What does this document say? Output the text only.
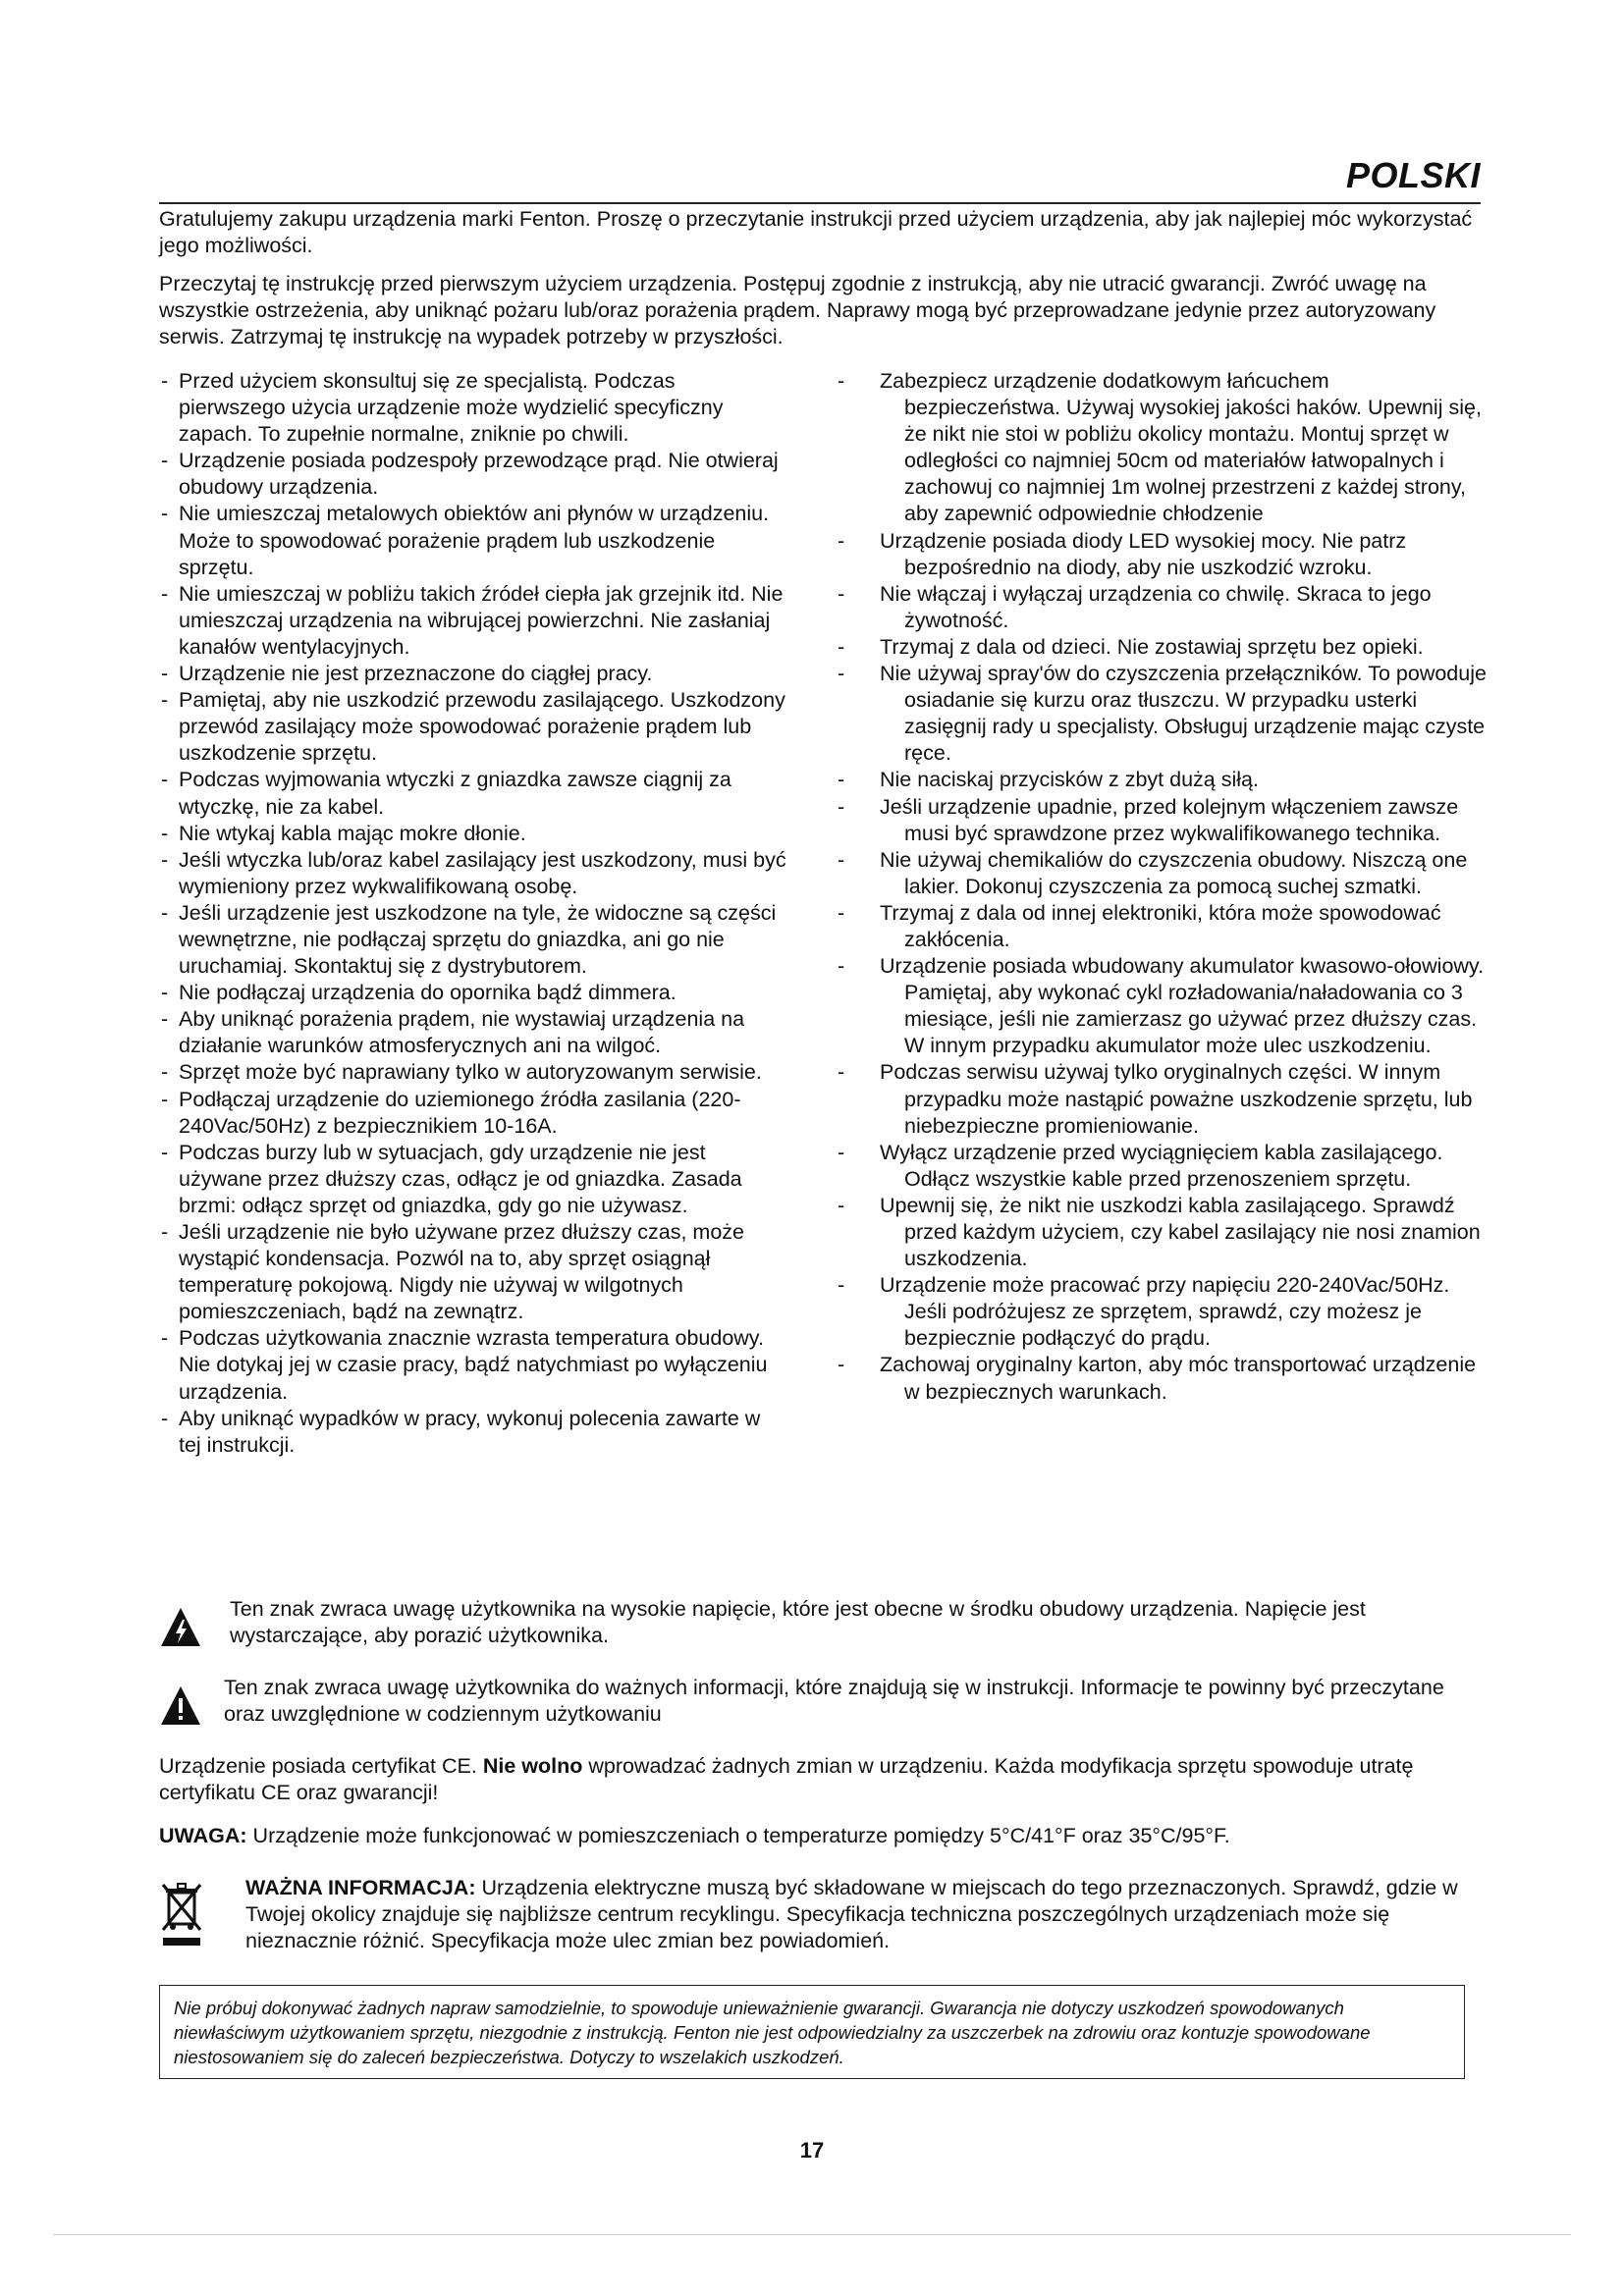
POLSKI
Gratulujemy zakupu urządzenia marki Fenton. Proszę o przeczytanie instrukcji przed użyciem urządzenia, aby jak najlepiej móc wykorzystać jego możliwości.
Przeczytaj tę instrukcję przed pierwszym użyciem urządzenia. Postępuj zgodnie z instrukcją, aby nie utracić gwarancji. Zwróć uwagę na wszystkie ostrzeżenia, aby uniknąć pożaru lub/oraz porażenia prądem. Naprawy mogą być przeprowadzane jedynie przez autoryzowany serwis. Zatrzymaj tę instrukcję na wypadek potrzeby w przyszłości.
- Przed użyciem skonsultuj się ze specjalistą. Podczas pierwszego użycia urządzenie może wydzielić specyficzny zapach. To zupełnie normalne, zniknie po chwili.
- Urządzenie posiada podzespoły przewodzące prąd. Nie otwieraj obudowy urządzenia.
- Nie umieszczaj metalowych obiektów ani płynów w urządzeniu. Może to spowodować porażenie prądem lub uszkodzenie sprzętu.
- Nie umieszczaj w pobliżu takich źródeł ciepła jak grzejnik itd. Nie umieszczaj urządzenia na wibrującej powierzchni. Nie zasłaniaj kanałów wentylacyjnych.
- Urządzenie nie jest przeznaczone do ciągłej pracy.
- Pamiętaj, aby nie uszkodzić przewodu zasilającego. Uszkodzony przewód zasilający może spowodować porażenie prądem lub uszkodzenie sprzętu.
- Podczas wyjmowania wtyczki z gniazdka zawsze ciągnij za wtyczkę, nie za kabel.
- Nie wtykaj kabla mając mokre dłonie.
- Jeśli wtyczka lub/oraz kabel zasilający jest uszkodzony, musi być wymieniony przez wykwalifikowaną osobę.
- Jeśli urządzenie jest uszkodzone na tyle, że widoczne są części wewnętrzne, nie podłączaj sprzętu do gniazdka, ani go nie uruchamiaj. Skontaktuj się z dystrybutorem.
- Nie podłączaj urządzenia do opornika bądź dimmera.
- Aby uniknąć porażenia prądem, nie wystawiaj urządzenia na działanie warunków atmosferycznych ani na wilgoć.
- Sprzęt może być naprawiany tylko w autoryzowanym serwisie.
- Podłączaj urządzenie do uziemionego źródła zasilania (220-240Vac/50Hz) z bezpiecznikiem 10-16A.
- Podczas burzy lub w sytuacjach, gdy urządzenie nie jest używane przez dłuższy czas, odłącz je od gniazdka. Zasada brzmi: odłącz sprzęt od gniazdka, gdy go nie używasz.
- Jeśli urządzenie nie było używane przez dłuższy czas, może wystąpić kondensacja. Pozwól na to, aby sprzęt osiągnął temperaturę pokojową. Nigdy nie używaj w wilgotnych pomieszczeniach, bądź na zewnątrz.
- Podczas użytkowania znacznie wzrasta temperatura obudowy. Nie dotykaj jej w czasie pracy, bądź natychmiast po wyłączeniu urządzenia.
- Aby uniknąć wypadków w pracy, wykonuj polecenia zawarte w tej instrukcji.
- Zabezpiecz urządzenie dodatkowym łańcuchem bezpieczeństwa. Używaj wysokiej jakości haków. Upewnij się, że nikt nie stoi w pobliżu okolicy montażu. Montuj sprzęt w odległości co najmniej 50cm od materiałów łatwopalnych i zachowuj co najmniej 1m wolnej przestrzeni z każdej strony, aby zapewnić odpowiednie chłodzenie
- Urządzenie posiada diody LED wysokiej mocy. Nie patrz bezpośrednio na diody, aby nie uszkodzić wzroku.
- Nie włączaj i wyłączaj urządzenia co chwilę. Skraca to jego żywotność.
- Trzymaj z dala od dzieci. Nie zostawiaj sprzętu bez opieki.
- Nie używaj spray'ów do czyszczenia przełączników. To powoduje osiadanie się kurzu oraz tłuszczu. W przypadku usterki zasięgnij rady u specjalisty. Obsługuj urządzenie mając czyste ręce.
- Nie naciskaj przycisków z zbyt dużą siłą.
- Jeśli urządzenie upadnie, przed kolejnym włączeniem zawsze musi być sprawdzone przez wykwalifikowanego technika.
- Nie używaj chemikaliów do czyszczenia obudowy. Niszczą one lakier. Dokonuj czyszczenia za pomocą suchej szmatki.
- Trzymaj z dala od innej elektroniki, która może spowodować zakłócenia.
- Urządzenie posiada wbudowany akumulator kwasowo-ołowiowy. Pamiętaj, aby wykonać cykl rozładowania/naładowania co 3 miesiące, jeśli nie zamierzasz go używać przez dłuższy czas. W innym przypadku akumulator może ulec uszkodzeniu.
- Podczas serwisu używaj tylko oryginalnych części. W innym przypadku może nastąpić poważne uszkodzenie sprzętu, lub niebezpieczne promieniowanie.
- Wyłącz urządzenie przed wyciągnięciem kabla zasilającego. Odłącz wszystkie kable przed przenoszeniem sprzętu.
- Upewnij się, że nikt nie uszkodzi kabla zasilającego. Sprawdź przed każdym użyciem, czy kabel zasilający nie nosi znamion uszkodzenia.
- Urządzenie może pracować przy napięciu 220-240Vac/50Hz. Jeśli podróżujesz ze sprzętem, sprawdź, czy możesz je bezpiecznie podłączyć do prądu.
- Zachowaj oryginalny karton, aby móc transportować urządzenie w bezpiecznych warunkach.
Ten znak zwraca uwagę użytkownika na wysokie napięcie, które jest obecne w środku obudowy urządzenia. Napięcie jest wystarczające, aby porazić użytkownika.
Ten znak zwraca uwagę użytkownika do ważnych informacji, które znajdują się w instrukcji. Informacje te powinny być przeczytane oraz uwzględnione w codziennym użytkowaniu
Urządzenie posiada certyfikat CE. Nie wolno wprowadzać żadnych zmian w urządzeniu. Każda modyfikacja sprzętu spowoduje utratę certyfikatu CE oraz gwarancji!
UWAGA: Urządzenie może funkcjonować w pomieszczeniach o temperaturze pomiędzy 5°C/41°F oraz 35°C/95°F.
WAŻNA INFORMACJA: Urządzenia elektryczne muszą być składowane w miejscach do tego przeznaczonych. Sprawdź, gdzie w Twojej okolicy znajduje się najbliższe centrum recyklingu. Specyfikacja techniczna poszczególnych urządzeniach może się nieznacznie różnić. Specyfikacja może ulec zmian bez powiadomień.
Nie próbuj dokonywać żadnych napraw samodzielnie, to spowoduje unieważnienie gwarancji. Gwarancja nie dotyczy uszkodzeń spowodowanych niewłaściwym użytkowaniem sprzętu, niezgodnie z instrukcją. Fenton nie jest odpowiedzialny za uszczerbek na zdrowiu oraz kontuzje spowodowane niestosowaniem się do zaleceń bezpieczeństwa. Dotyczy to wszelakich uszkodzeń.
17
